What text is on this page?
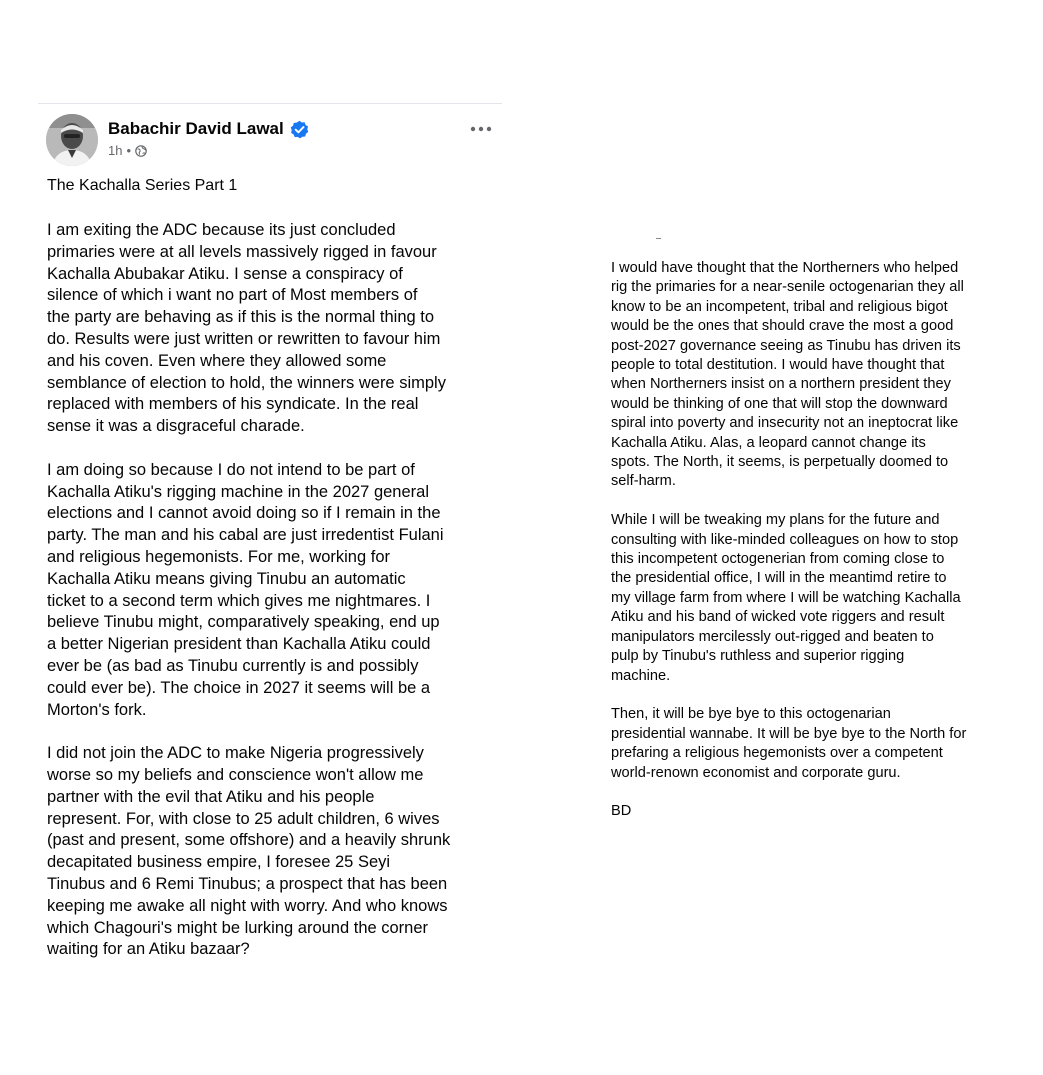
Babachir David Lawal
1h •
The Kachalla Series Part 1

I am exiting the ADC because its just concluded
primaries were at all levels massively rigged in favour
Kachalla Abubakar Atiku. I sense a conspiracy of
silence of which i want no part of Most members of
the party are behaving as if this is the normal thing to
do. Results were just written or rewritten to favour him
and his coven. Even where they allowed some
semblance of election to hold, the winners were simply
replaced with members of his syndicate. In the real
sense it was a disgraceful charade.

I am doing so because I do not intend to be part of
Kachalla Atiku's rigging machine in the 2027 general
elections and I cannot avoid doing so if I remain in the
party. The man and his cabal are just irredentist Fulani
and religious hegemonists. For me, working for
Kachalla Atiku means giving Tinubu an automatic
ticket to a second term which gives me nightmares. I
believe Tinubu might, comparatively speaking, end up
a better Nigerian president than Kachalla Atiku could
ever be (as bad as Tinubu currently is and possibly
could ever be). The choice in 2027 it seems will be a
Morton's fork.

I did not join the ADC to make Nigeria progressively
worse so my beliefs and conscience won't allow me
partner with the evil that Atiku and his people
represent. For, with close to 25 adult children, 6 wives
(past and present, some offshore) and a heavily shrunk
decapitated business empire, I foresee 25 Seyi
Tinubus and 6 Remi Tinubus; a prospect that has been
keeping me awake all night with worry. And who knows
which Chagouri's might be lurking around the corner
waiting for an Atiku bazaar?

I would have thought that the Northerners who helped
rig the primaries for a near-senile octogenarian they all
know to be an incompetent, tribal and religious bigot
would be the ones that should crave the most a good
post-2027 governance seeing as Tinubu has driven its
people to total destitution. I would have thought that
when Northerners insist on a northern president they
would be thinking of one that will stop the downward
spiral into poverty and insecurity not an ineptocrat like
Kachalla Atiku. Alas, a leopard cannot change its
spots. The North, it seems, is perpetually doomed to
self-harm.

While I will be tweaking my plans for the future and
consulting with like-minded colleagues on how to stop
this incompetent octogenerian from coming close to
the presidential office, I will in the meantimd retire to
my village farm from where I will be watching Kachalla
Atiku and his band of wicked vote riggers and result
manipulators mercilessly out-rigged and beaten to
pulp by Tinubu's ruthless and superior rigging
machine.

Then, it will be bye bye to this octogenarian
presidential wannabe. It will be bye bye to the North for
prefaring a religious hegemonists over a competent
world-renown economist and corporate guru.

BD
